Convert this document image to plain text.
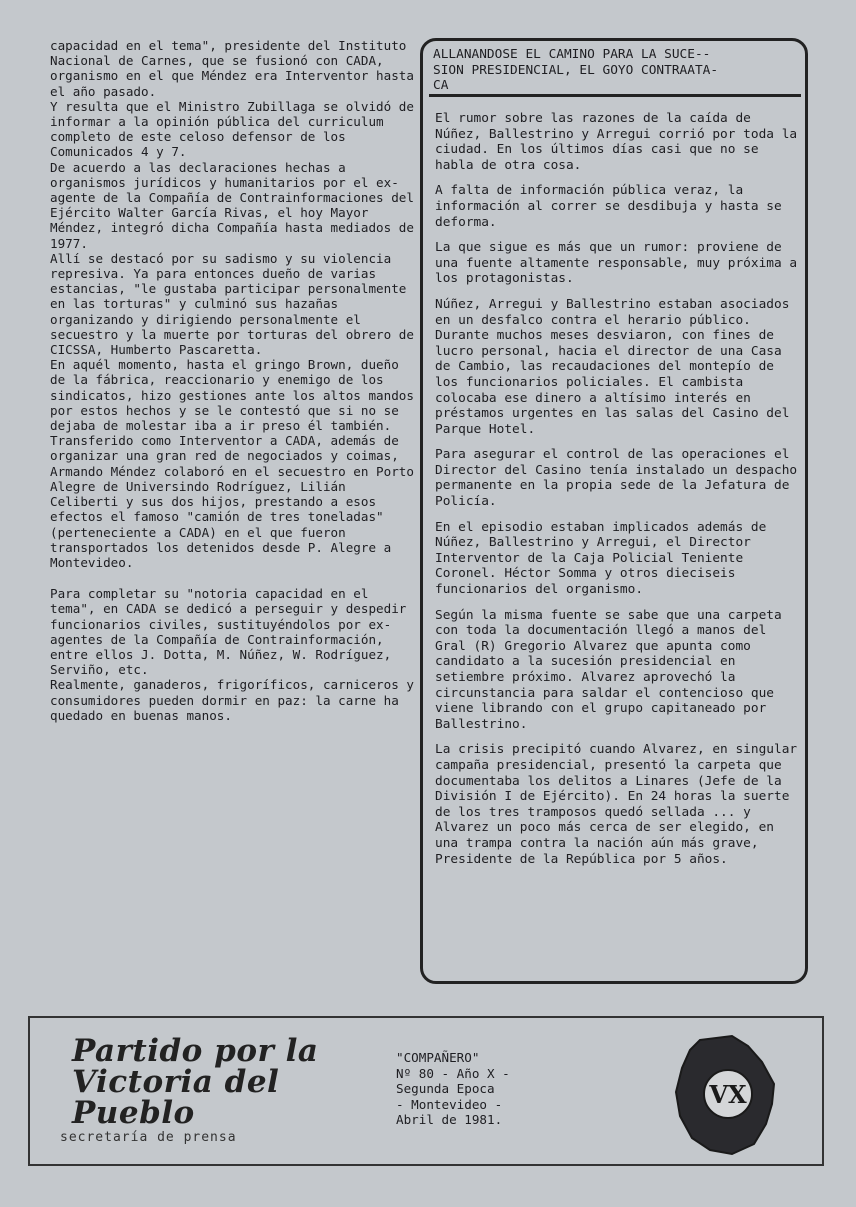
capacidad en el tema", presidente del Instituto Nacional de Carnes, que se fusionó con CADA, organismo en el que Méndez era Interventor hasta el año pasado.

Y resulta que el Ministro Zubillaga se olvidó de informar a la opinión pública del curriculum completo de este celoso defensor de los Comunicados 4 y 7.

De acuerdo a las declaraciones hechas a organismos jurídicos y humanitarios por el ex-agente de la Compañía de Contrainformaciones del Ejército Walter García Rivas, el hoy Mayor Méndez, integró dicha Compañía hasta mediados de 1977.

Allí se destacó por su sadismo y su violencia represiva. Ya para entonces dueño de varias estancias, "le gustaba participar personalmente en las torturas" y culminó sus hazañas organizando y dirigiendo personalmente el secuestro y la muerte por torturas del obrero de CICSSA, Humberto Pascaretta.

En aquél momento, hasta el gringo Brown, dueño de la fábrica, reaccionario y enemigo de los sindicatos, hizo gestiones ante los altos mandos por estos hechos y se le contestó que si no se dejaba de molestar iba a ir preso él también.

Transferido como Interventor a CADA, además de organizar una gran red de negociados y coimas, Armando Méndez colaboró en el secuestro en Porto Alegre de Universindo Rodríguez, Lilián Celiberti y sus dos hijos, prestando a esos efectos el famoso "camión de tres toneladas" (perteneciente a CADA) en el que fueron transportados los detenidos desde P. Alegre a Montevideo.

Para completar su "notoria capacidad en el tema", en CADA se dedicó a perseguir y despedir funcionarios civiles, sustituyéndolos por ex-agentes de la Compañía de Contrainformación, entre ellos J. Dotta, M. Núñez, W. Rodríguez, Serviño, etc.

Realmente, ganaderos, frigoríficos, carniceros y consumidores pueden dormir en paz: la carne ha quedado en buenas manos.

ALLANANDOSE EL CAMINO PARA LA SUCE--
SION PRESIDENCIAL, EL GOYO CONTRAATA-
CA

El rumor sobre las razones de la caída de Núñez, Ballestrino y Arregui corrió por toda la ciudad. En los últimos días casi que no se habla de otra cosa.

A falta de información pública veraz, la información al correr se desdibuja y hasta se deforma.

La que sigue es más que un rumor: proviene de una fuente altamente responsable, muy próxima a los protagonistas.

Núñez, Arregui y Ballestrino estaban asociados en un desfalco contra el herario público. Durante muchos meses desviaron, con fines de lucro personal, hacia el director de una Casa de Cambio, las recaudaciones del montepío de los funcionarios policiales. El cambista colocaba ese dinero a altísimo interés en préstamos urgentes en las salas del Casino del Parque Hotel.

Para asegurar el control de las operaciones el Director del Casino tenía instalado un despacho permanente en la propia sede de la Jefatura de Policía.

En el episodio estaban implicados además de Núñez, Ballestrino y Arregui, el Director Interventor de la Caja Policial Teniente Coronel. Héctor Somma y otros dieciseis funcionarios del organismo.

Según la misma fuente se sabe que una carpeta con toda la documentación llegó a manos del Gral (R) Gregorio Alvarez que apunta como candidato a la sucesión presidencial en setiembre próximo. Alvarez aprovechó la circunstancia para saldar el contencioso que viene librando con el grupo capitaneado por Ballestrino.

La crisis precipitó cuando Alvarez, en singular campaña presidencial, presentó la carpeta que documentaba los delitos a Linares (Jefe de la División I de Ejército). En 24 horas la suerte de los tres tramposos quedó sellada ... y Alvarez un poco más cerca de ser elegido, en una trampa contra la nación aún más grave, Presidente de la República por 5 años.

Partido por la
Victoria del
Pueblo
secretaría de prensa
"COMPAÑERO"
Nº 80 - Año X -
Segunda Epoca
- Montevideo -
Abril de 1981.
VX
